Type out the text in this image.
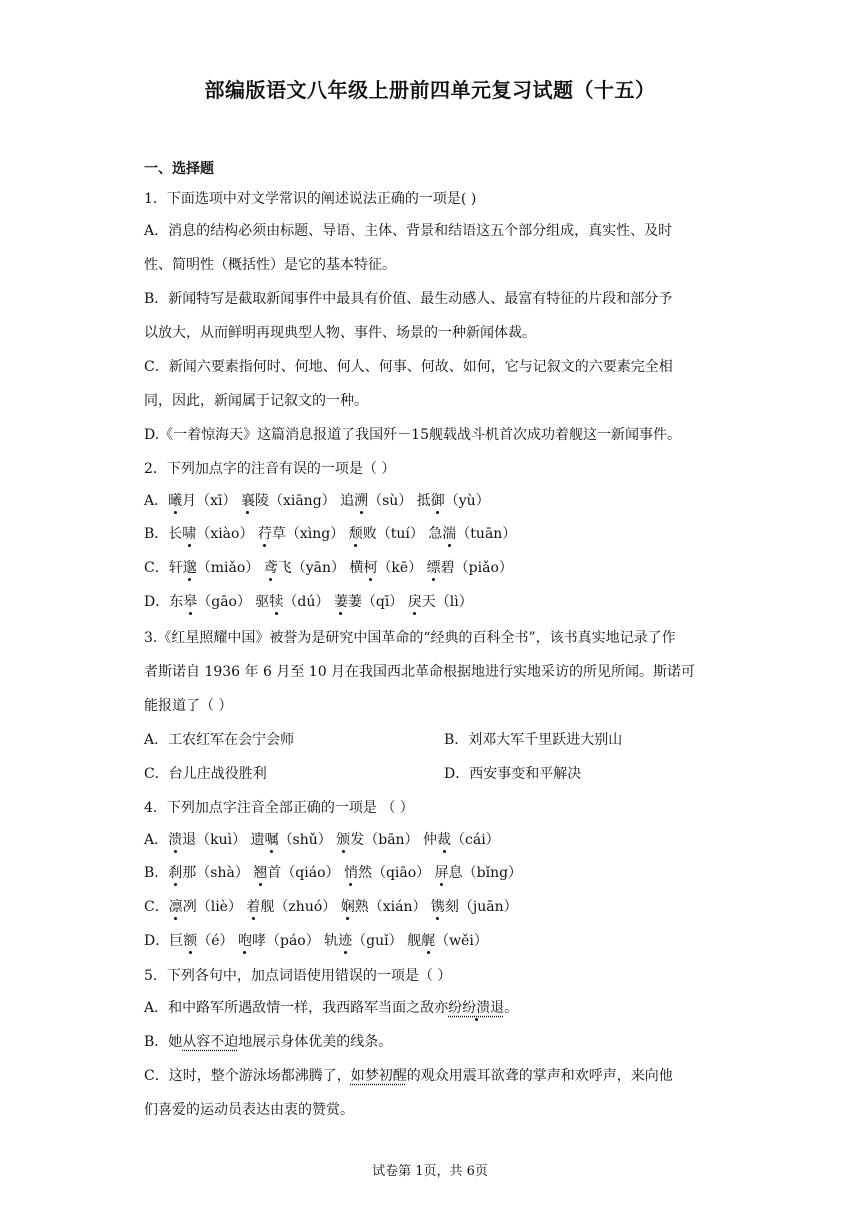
部编版语文八年级上册前四单元复习试题（十五）
一、选择题
1．下面选项中对文学常识的阐述说法正确的一项是( )
A．消息的结构必须由标题、导语、主体、背景和结语这五个部分组成，真实性、及时
性、简明性（概括性）是它的基本特征。
B．新闻特写是截取新闻事件中最具有价值、最生动感人、最富有特征的片段和部分予
以放大，从而鲜明再现典型人物、事件、场景的一种新闻体裁。
C．新闻六要素指何时、何地、何人、何事、何故、如何，它与记叙文的六要素完全相
同，因此，新闻属于记叙文的一种。
D.《一着惊海天》这篇消息报道了我国歼－15舰载战斗机首次成功着舰这一新闻事件。
2．下列加点字的注音有误的一项是（ ）
A．曦月（xī） 襄陵（xiāng） 追溯（sù） 抵御（yù）
B．长啸（xiào） 荇草（xìng） 颓败（tuí） 急湍（tuān）
C．轩邈（miǎo） 鸢飞（yān） 横柯（kē） 缥碧（piǎo）
D．东皋（gāo） 驱犊（dú） 萋萋（qī） 戾天（lì）
3.《红星照耀中国》被誉为是研究中国革命的“经典的百科全书”，该书真实地记录了作
者斯诺自 1936 年 6 月至 10 月在我国西北革命根据地进行实地采访的所见所闻。斯诺可
能报道了（ ）
A．工农红军在会宁会师	B．刘邓大军千里跃进大别山
C．台儿庄战役胜利	D．西安事变和平解决
4．下列加点字注音全部正确的一项是 （ ）
A．溃退（kuì） 遗嘱（shǔ） 颁发（bān） 仲裁（cái）
B．刹那（shà） 翘首（qiáo） 悄然（qiāo） 屏息（bǐng）
C．凛冽（liè） 着舰（zhuó） 娴熟（xián） 镌刻（juān）
D．巨额（é） 咆哮（páo） 轨迹（guǐ） 舰艉（wěi）
5．下列各句中，加点词语使用错误的一项是（ ）
A．和中路军所遇敌情一样，我西路军当面之敌亦纷纷溃退。
B．她从容不迫地展示身体优美的线条。
C．这时，整个游泳场都沸腾了，如梦初醒的观众用震耳欲聋的掌声和欢呼声，来向他
们喜爱的运动员表达由衷的赞赏。
试卷第 1页，共 6页
